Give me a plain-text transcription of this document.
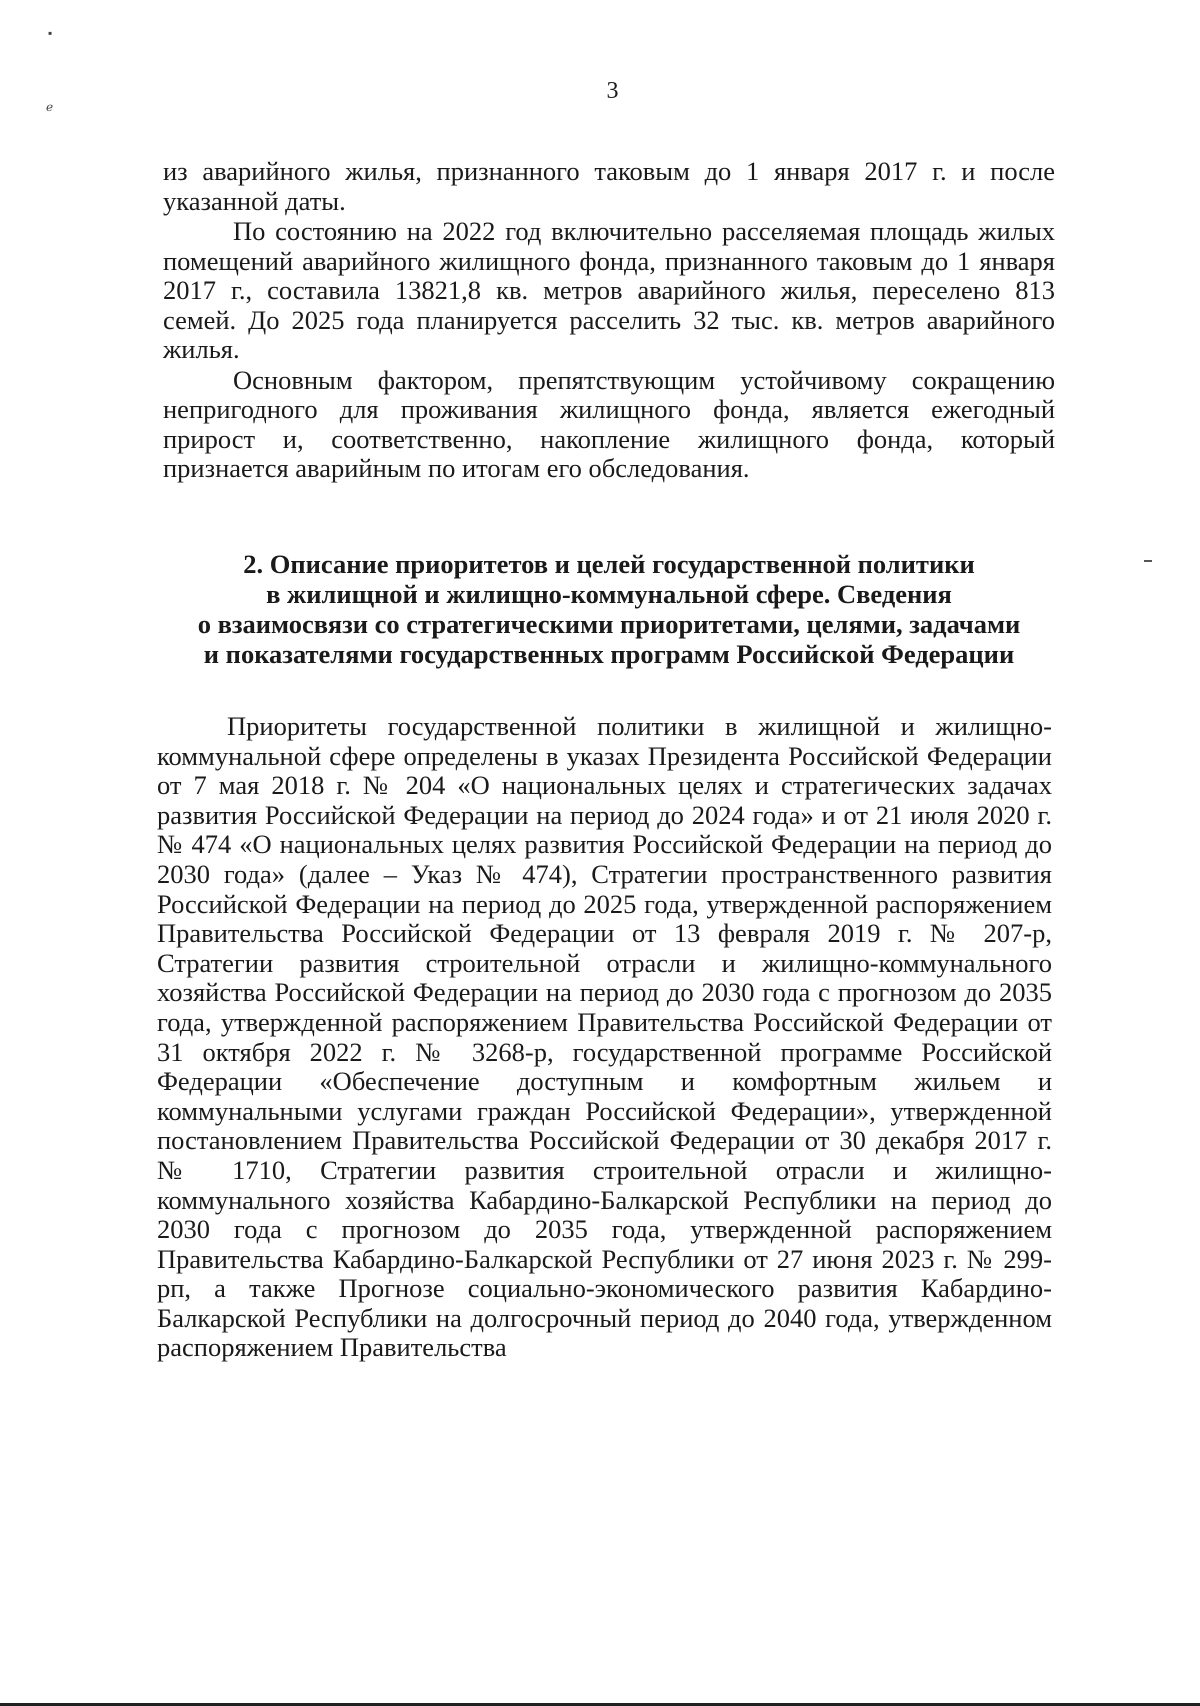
▪
ℯ
3

из аварийного жилья, признанного таковым до 1 января 2017 г. и после указанной даты.

По состоянию на 2022 год включительно расселяемая площадь жилых помещений аварийного жилищного фонда, признанного таковым до 1 января 2017 г., составила 13821,8 кв. метров аварийного жилья, переселено 813 семей. До 2025 года планируется расселить 32 тыс. кв. метров аварийного жилья.

Основным фактором, препятствующим устойчивому сокращению непригодного для проживания жилищного фонда, является ежегодный прирост и, соответственно, накопление жилищного фонда, который признается аварийным по итогам его обследования.

2. Описание приоритетов и целей государственной политики
в жилищной и жилищно-коммунальной сфере. Сведения
о взаимосвязи со стратегическими приоритетами, целями, задачами
и показателями государственных программ Российской Федерации

Приоритеты государственной политики в жилищной и жилищно-коммунальной сфере определены в указах Президента Российской Федерации от 7 мая 2018 г. № 204 «О национальных целях и стратегических задачах развития Российской Федерации на период до 2024 года» и от 21 июля 2020 г. № 474 «О национальных целях развития Российской Федерации на период до 2030 года» (далее – Указ № 474), Стратегии пространственного развития Российской Федерации на период до 2025 года, утвержденной распоряжением Правительства Российской Федерации от 13 февраля 2019 г. № 207-р, Стратегии развития строительной отрасли и жилищно-коммунального хозяйства Российской Федерации на период до 2030 года с прогнозом до 2035 года, утвержденной распоряжением Правительства Российской Федерации от 31 октября 2022 г. № 3268-р, государственной программе Российской Федерации «Обеспечение доступным и комфортным жильем и коммунальными услугами граждан Российской Федерации», утвержденной постановлением Правительства Российской Федерации от 30 декабря 2017 г. № 1710, Стратегии развития строительной отрасли и жилищно-коммунального хозяйства Кабардино-Балкарской Республики на период до 2030 года с прогнозом до 2035 года, утвержденной распоряжением Правительства Кабардино-Балкарской Республики от 27 июня 2023 г. № 299-рп, а также Прогнозе социально-экономического развития Кабардино-Балкарской Республики на долгосрочный период до 2040 года, утвержденном распоряжением Правительства
